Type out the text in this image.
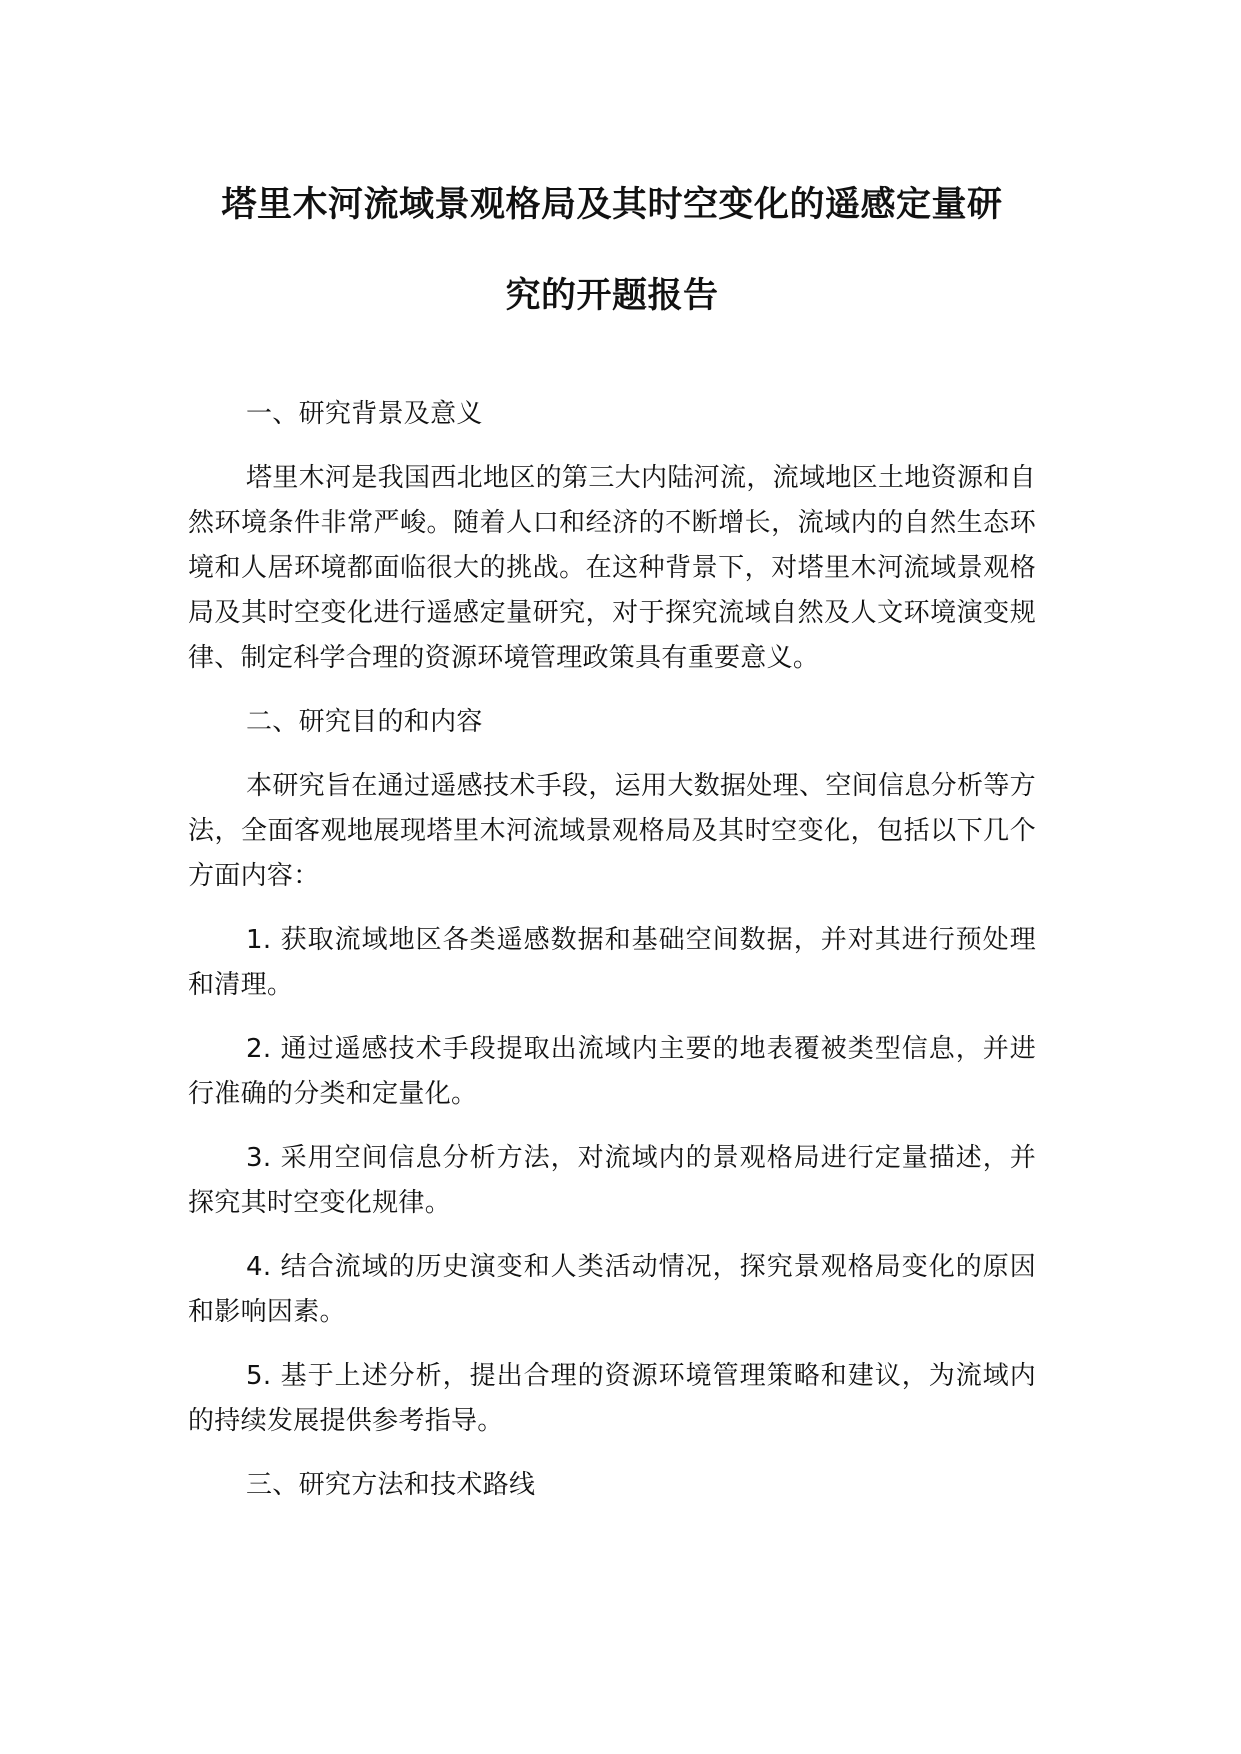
塔里木河流域景观格局及其时空变化的遥感定量研
究的开题报告

一、研究背景及意义

塔里木河是我国西北地区的第三大内陆河流，流域地区土地资源和自然环境条件非常严峻。随着人口和经济的不断增长，流域内的自然生态环境和人居环境都面临很大的挑战。在这种背景下，对塔里木河流域景观格局及其时空变化进行遥感定量研究，对于探究流域自然及人文环境演变规律、制定科学合理的资源环境管理政策具有重要意义。

二、研究目的和内容

本研究旨在通过遥感技术手段，运用大数据处理、空间信息分析等方法，全面客观地展现塔里木河流域景观格局及其时空变化，包括以下几个方面内容：

1. 获取流域地区各类遥感数据和基础空间数据，并对其进行预处理和清理。

2. 通过遥感技术手段提取出流域内主要的地表覆被类型信息，并进行准确的分类和定量化。

3. 采用空间信息分析方法，对流域内的景观格局进行定量描述，并探究其时空变化规律。

4. 结合流域的历史演变和人类活动情况，探究景观格局变化的原因和影响因素。

5. 基于上述分析，提出合理的资源环境管理策略和建议，为流域内的持续发展提供参考指导。

三、研究方法和技术路线
